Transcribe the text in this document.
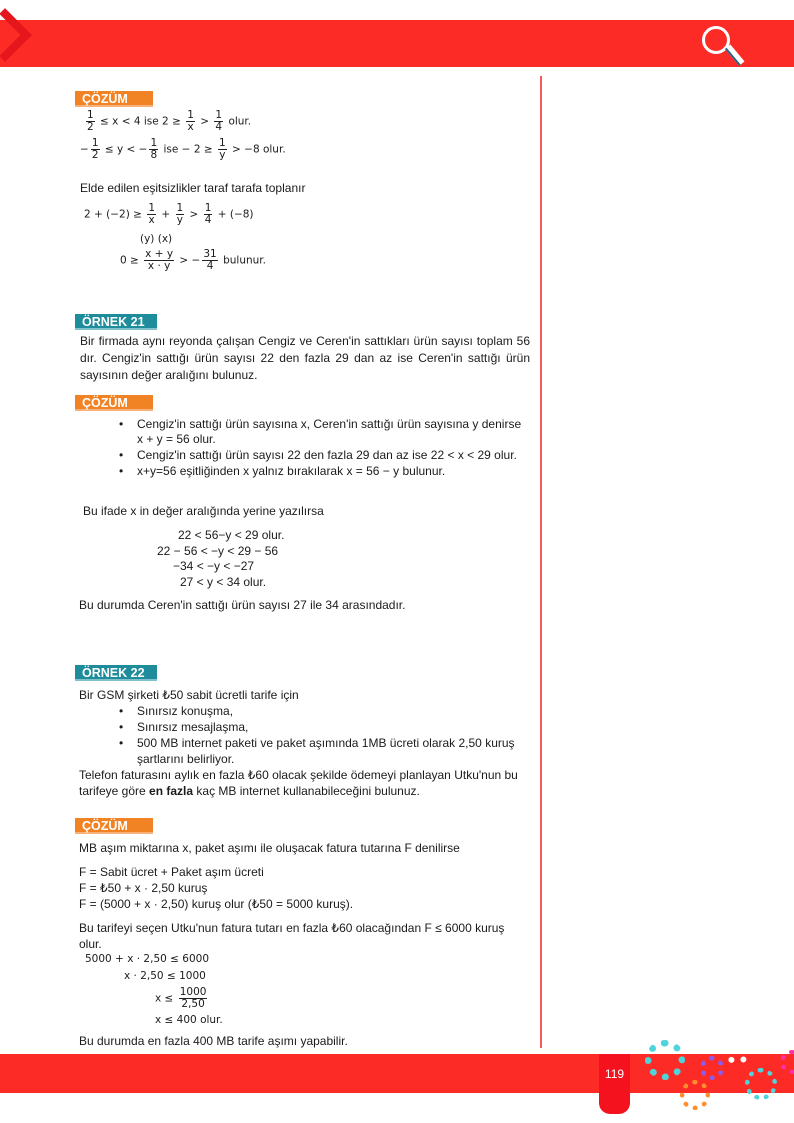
ÇÖZÜM
$\frac{1}{2} \le x < 4$ ise $2 \ge \frac{1}{x} > \frac{1}{4}$ olur.
− $\frac{1}{2} \le y$ < − $\frac{1}{8}$ ise − $2 \ge \frac{1}{y} > -8$ olur.
Elde edilen eşitsizlikler taraf tarafa toplanır
$2 + (-2) \ge \frac{1}{x} + \frac{1}{y} > \frac{1}{4} + (-8)$
(y) (x)
$0 \ge \frac{x + y}{x \cdot y}$ > − $\frac{31}{4}$ bulunur.
ÖRNEK 21
Bir firmada aynı reyonda çalışan Cengiz ve Ceren'in sattıkları ürün sayısı toplam 56 dır. Cengiz'in sattığı ürün sayısı 22 den fazla 29 dan az ise Ceren'in sattığı ürün sayısının değer aralığını bulunuz.
ÇÖZÜM
• Cengiz'in sattığı ürün sayısına x, Ceren'in sattığı ürün sayısına y denirse
x + y = 56 olur.
• Cengiz'in sattığı ürün sayısı 22 den fazla 29 dan az ise 22 < x < 29 olur.
• x+y=56 eşitliğinden x yalnız bırakılarak x = 56 − y bulunur.
Bu ifade x in değer aralığında yerine yazılırsa
22 < 56−y < 29 olur.
22 − 56 < −y < 29 − 56
−34 < −y < −27
27 < y < 34 olur.
Bu durumda Ceren'in sattığı ürün sayısı 27 ile 34 arasındadır.
ÖRNEK 22
Bir GSM şirketi ₺50 sabit ücretli tarife için
• Sınırsız konuşma,
• Sınırsız mesajlaşma,
• 500 MB internet paketi ve paket aşımında 1MB ücreti olarak 2,50 kuruş
şartlarını belirliyor.
Telefon faturasını aylık en fazla ₺60 olacak şekilde ödemeyi planlayan Utku'nun bu
tarifeye göre en fazla kaç MB internet kullanabileceğini bulunuz.
ÇÖZÜM
MB aşım miktarına x, paket aşımı ile oluşacak fatura tutarına F denilirse
F = Sabit ücret + Paket aşım ücreti
F = ₺50 + x · 2,50 kuruş
F = (5000 + x · 2,50) kuruş olur (₺50 = 5000 kuruş).
Bu tarifeyi seçen Utku'nun fatura tutarı en fazla ₺60 olacağından F ≤ 6000 kuruş
olur.
5000 + x · 2,50 ≤ 6000
x · 2,50 ≤ 1000
$x \le \frac{1000}{2,50}$
x ≤ 400 olur.
Bu durumda en fazla 400 MB tarife aşımı yapabilir.
119
